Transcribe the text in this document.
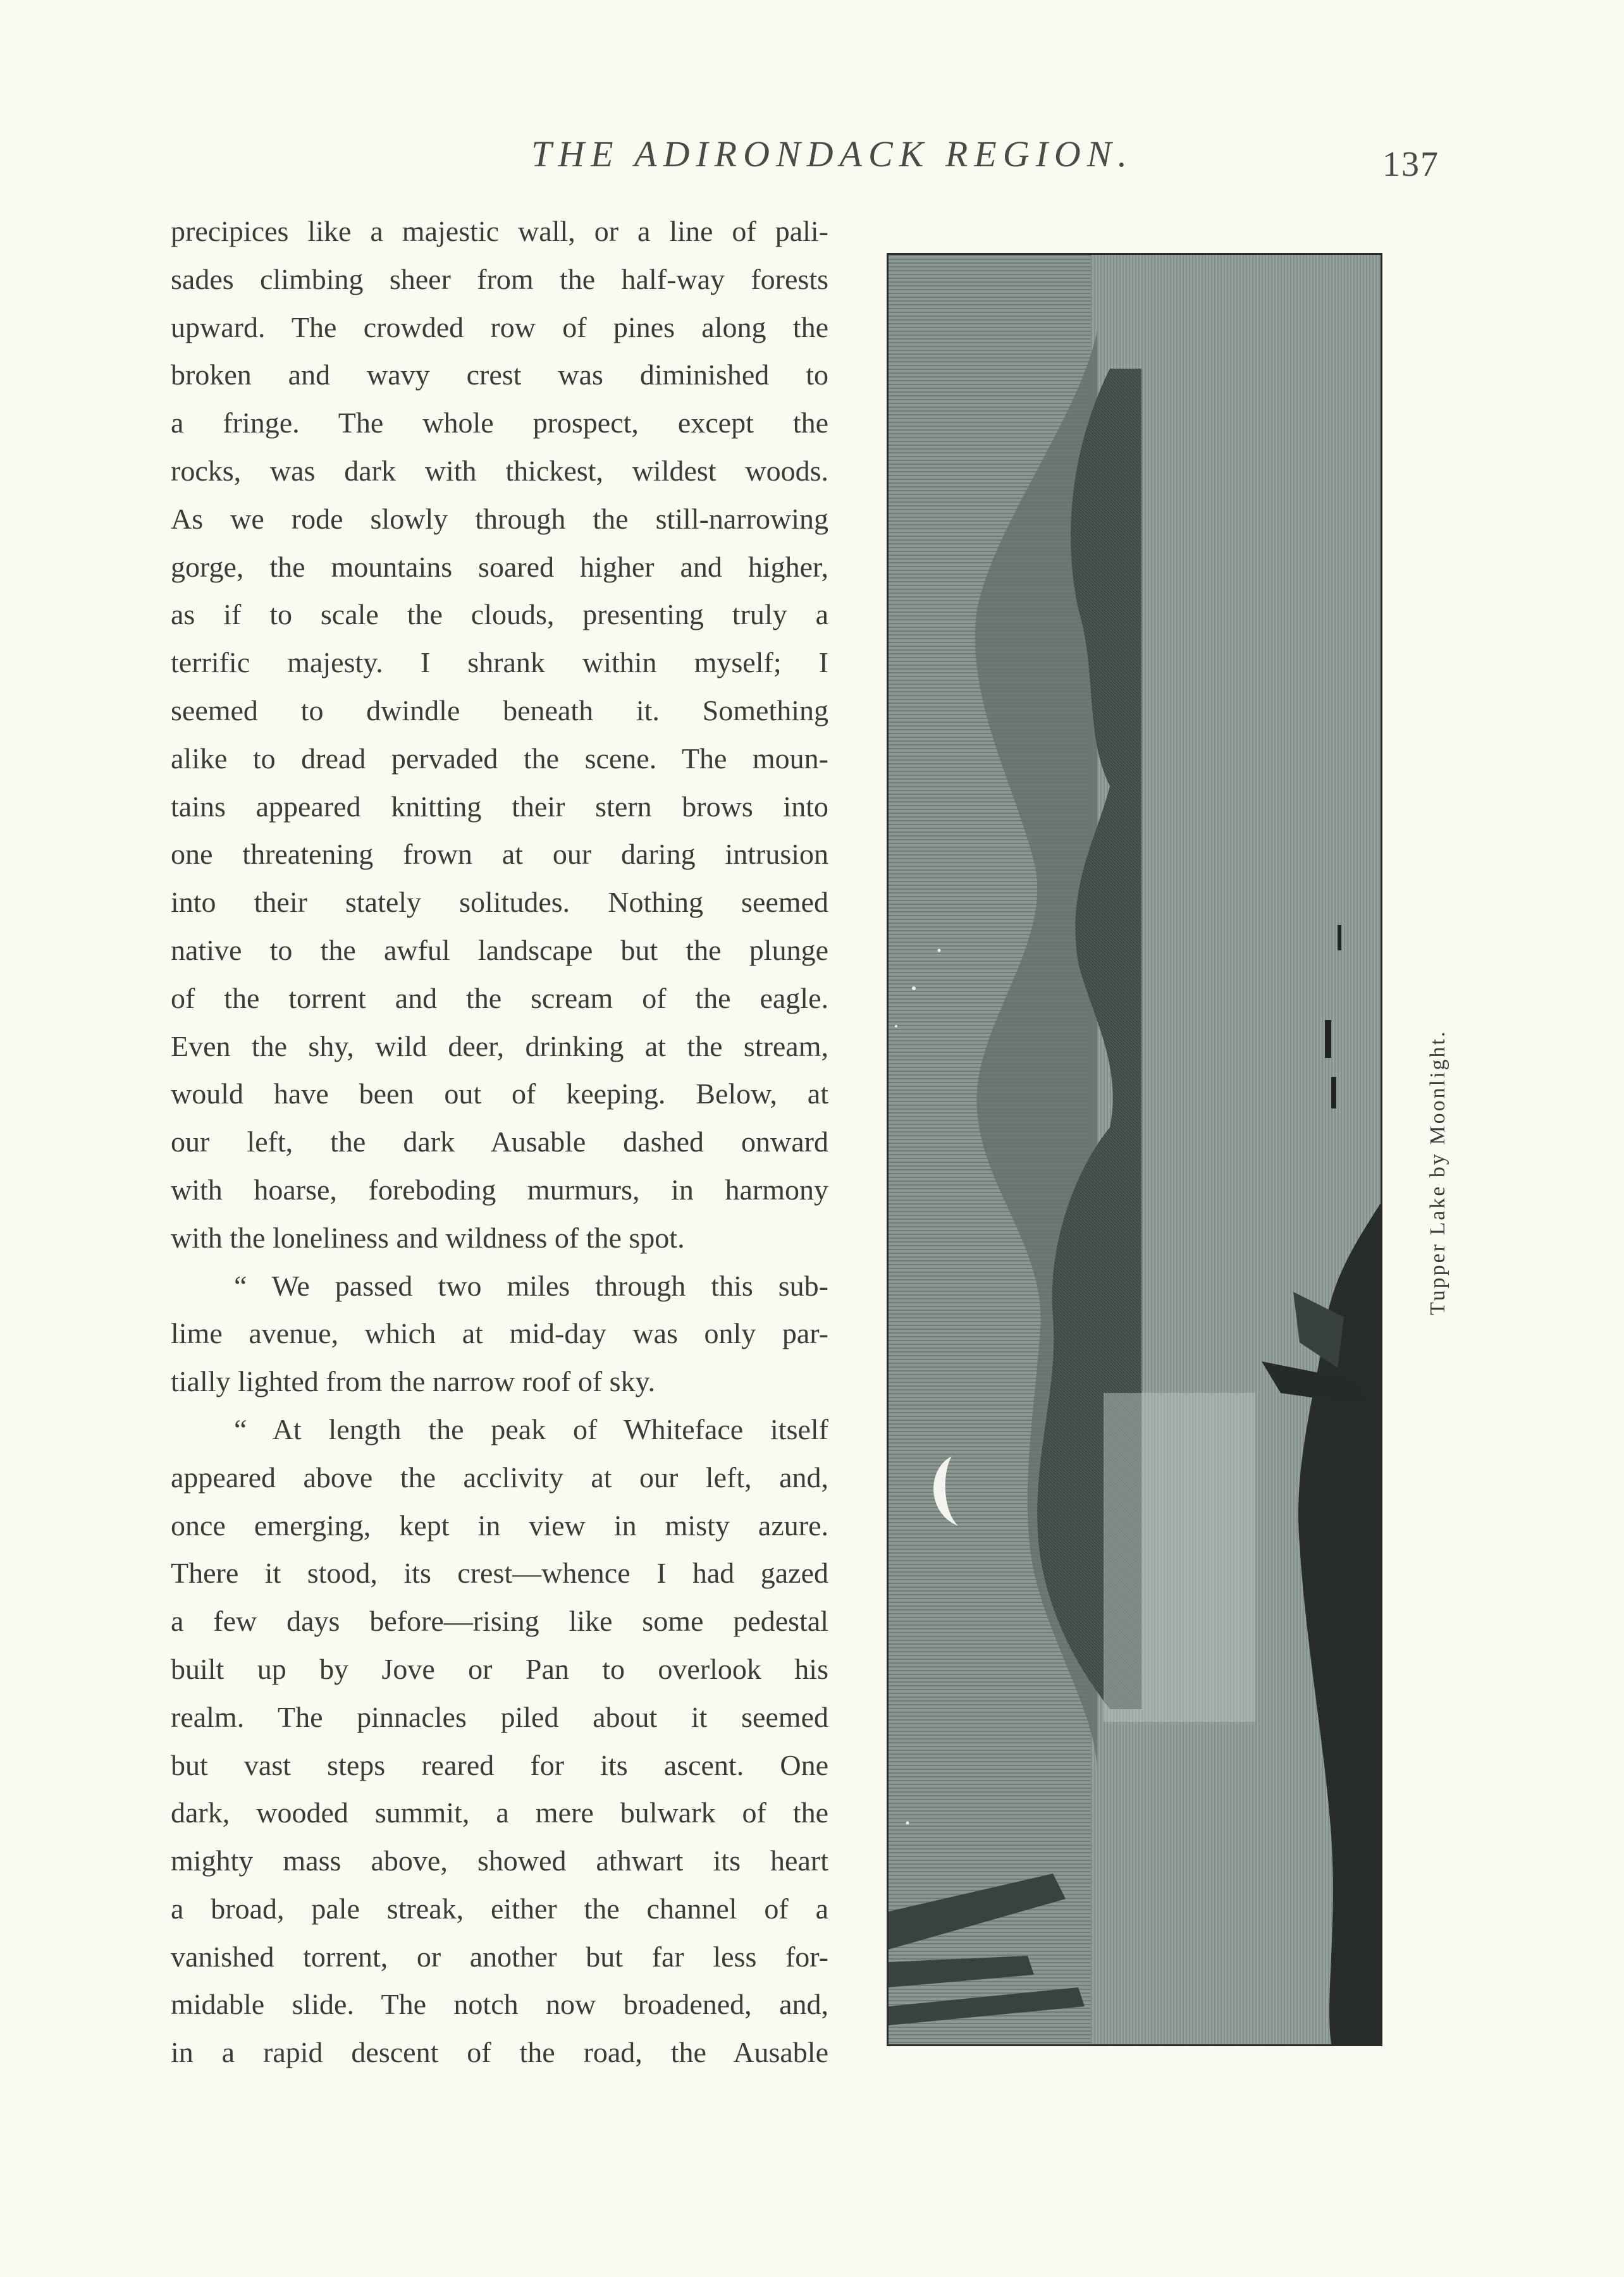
THE ADIRONDACK REGION.	137
precipices like a majestic wall, or a line of pali-
sades climbing sheer from the half-way forests
upward. The crowded row of pines along the
broken and wavy crest was diminished to
a fringe. The whole prospect, except the
rocks, was dark with thickest, wildest woods.
As we rode slowly through the still-narrowing
gorge, the mountains soared higher and higher,
as if to scale the clouds, presenting truly a
terrific majesty. I shrank within myself; I
seemed to dwindle beneath it. Something
alike to dread pervaded the scene. The moun-
tains appeared knitting their stern brows into
one threatening frown at our daring intrusion
into their stately solitudes. Nothing seemed
native to the awful landscape but the plunge
of the torrent and the scream of the eagle.
Even the shy, wild deer, drinking at the stream,
would have been out of keeping. Below, at
our left, the dark Ausable dashed onward
with hoarse, foreboding murmurs, in harmony
with the loneliness and wildness of the spot.
“ We passed two miles through this sub-
lime avenue, which at mid-day was only par-
tially lighted from the narrow roof of sky.
“ At length the peak of Whiteface itself
appeared above the acclivity at our left, and,
once emerging, kept in view in misty azure.
There it stood, its crest—whence I had gazed
a few days before—rising like some pedestal
built up by Jove or Pan to overlook his
realm. The pinnacles piled about it seemed
but vast steps reared for its ascent. One
dark, wooded summit, a mere bulwark of the
mighty mass above, showed athwart its heart
a broad, pale streak, either the channel of a
vanished torrent, or another but far less for-
midable slide. The notch now broadened, and,
in a rapid descent of the road, the Ausable
Tupper Lake by Moonlight.
